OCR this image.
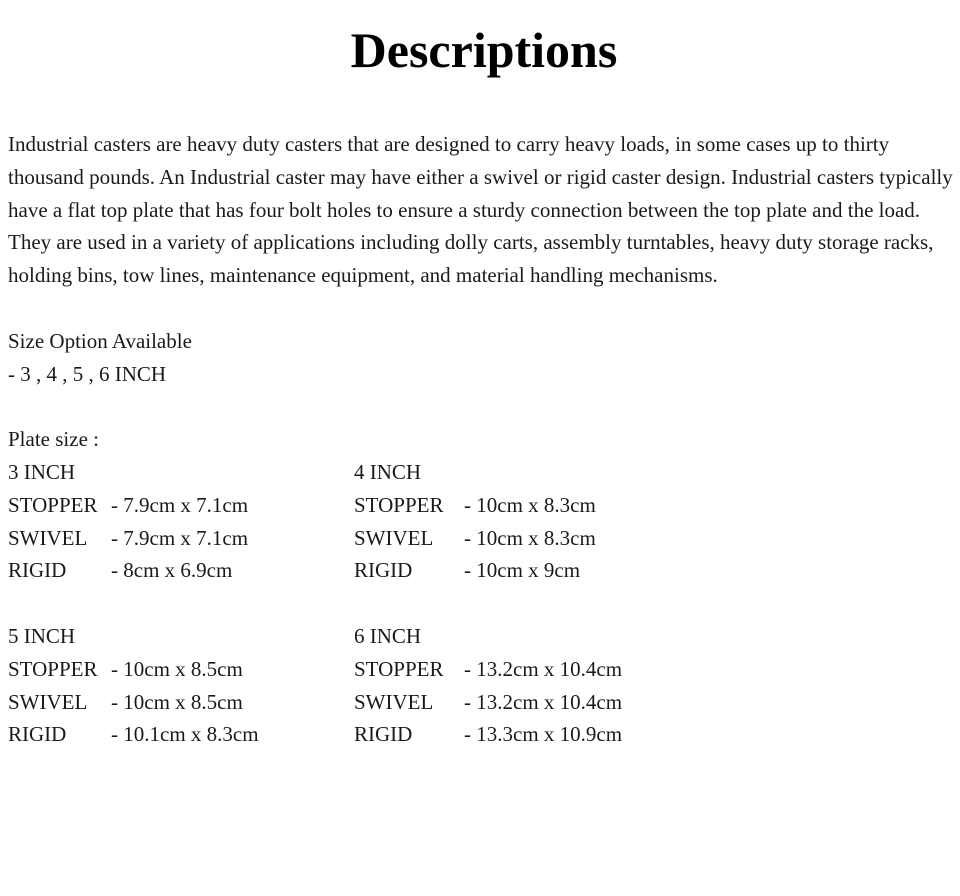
Descriptions

Industrial casters are heavy duty casters that are designed to carry heavy loads, in some cases up to thirty thousand pounds. An Industrial caster may have either a swivel or rigid caster design. Industrial casters typically have a flat top plate that has four bolt holes to ensure a sturdy connection between the top plate and the load. They are used in a variety of applications including dolly carts, assembly turntables, heavy duty storage racks, holding bins, tow lines, maintenance equipment, and material handling mechanisms.

Size Option Available
- 3 , 4 , 5 , 6 INCH
Plate size :
3 INCH	4 INCH
STOPPER - 7.9cm x 7.1cm	STOPPER - 10cm x 8.3cm
SWIVEL - 7.9cm x 7.1cm	SWIVEL - 10cm x 8.3cm
RIGID - 8cm x 6.9cm	RIGID - 10cm x 9cm
5 INCH	6 INCH
STOPPER - 10cm x 8.5cm	STOPPER - 13.2cm x 10.4cm
SWIVEL - 10cm x 8.5cm	SWIVEL - 13.2cm x 10.4cm
RIGID - 10.1cm x 8.3cm	RIGID - 13.3cm x 10.9cm
